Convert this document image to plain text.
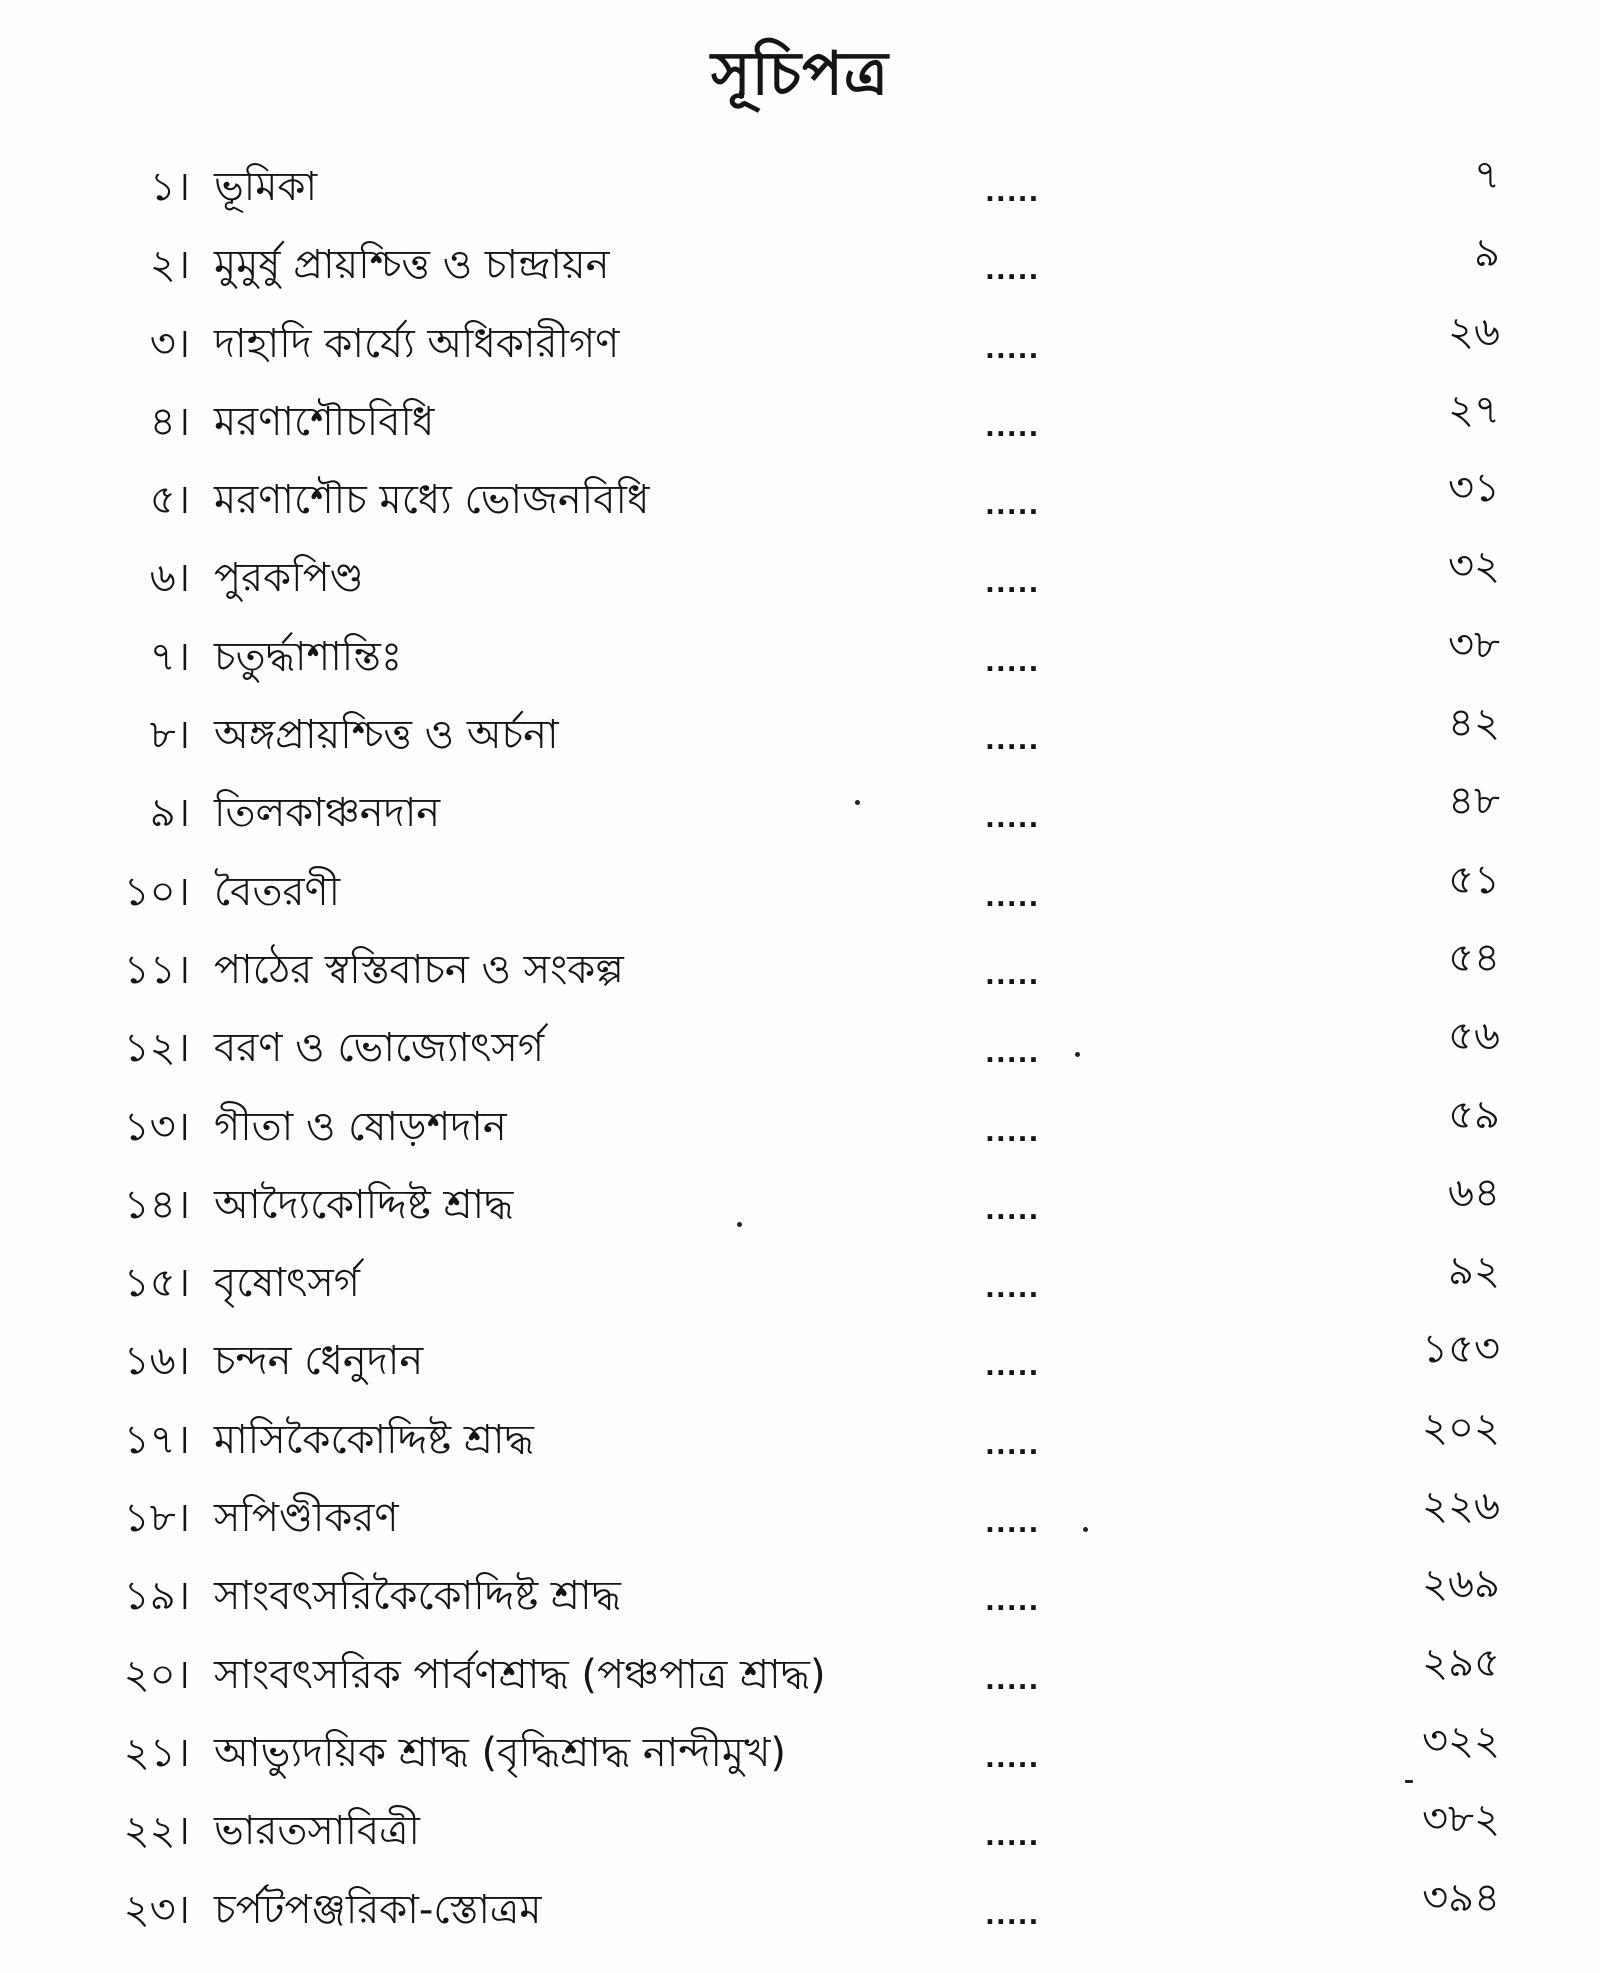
সূচিপত্র
১। ভূমিকা	.....	৭
২। মুমুর্ষু প্রায়শ্চিত্ত ও চান্দ্রায়ন	.....	৯
৩। দাহাদি কার্য্যে অধিকারীগণ	.....	২৬
৪। মরণাশৌচবিধি	.....	২৭
৫। মরণাশৌচ মধ্যে ভোজনবিধি	.....	৩১
৬। পুরকপিণ্ড	.....	৩২
৭। চতুর্দ্ধাশান্তিঃ	.....	৩৮
৮। অঙ্গপ্রায়শ্চিত্ত ও অর্চনা	.....	৪২
৯। তিলকাঞ্চনদান	.....	৪৮
১০। বৈতরণী	.....	৫১
১১। পাঠের স্বস্তিবাচন ও সংকল্প	.....	৫৪
১২। বরণ ও ভোজ্যোৎসর্গ	.....	৫৬
১৩। গীতা ও ষোড়শদান	.....	৫৯
১৪। আদ্যৈকোদ্দিষ্ট শ্রাদ্ধ	.....	৬৪
১৫। বৃষোৎসর্গ	.....	৯২
১৬। চন্দন ধেনুদান	.....	১৫৩
১৭। মাসিকৈকোদ্দিষ্ট শ্রাদ্ধ	.....	২০২
১৮। সপিণ্ডীকরণ	.....	২২৬
১৯। সাংবৎসরিকৈকোদ্দিষ্ট শ্রাদ্ধ	.....	২৬৯
২০। সাংবৎসরিক পার্বণশ্রাদ্ধ (পঞ্চপাত্র শ্রাদ্ধ)	.....	২৯৫
২১। আভ্যুদয়িক শ্রাদ্ধ (বৃদ্ধিশ্রাদ্ধ নান্দীমুখ)	.....	৩২২
২২। ভারতসাবিত্রী	.....	৩৮২
২৩। চর্পটপঞ্জরিকা-স্তোত্রম	.....	৩৯৪
